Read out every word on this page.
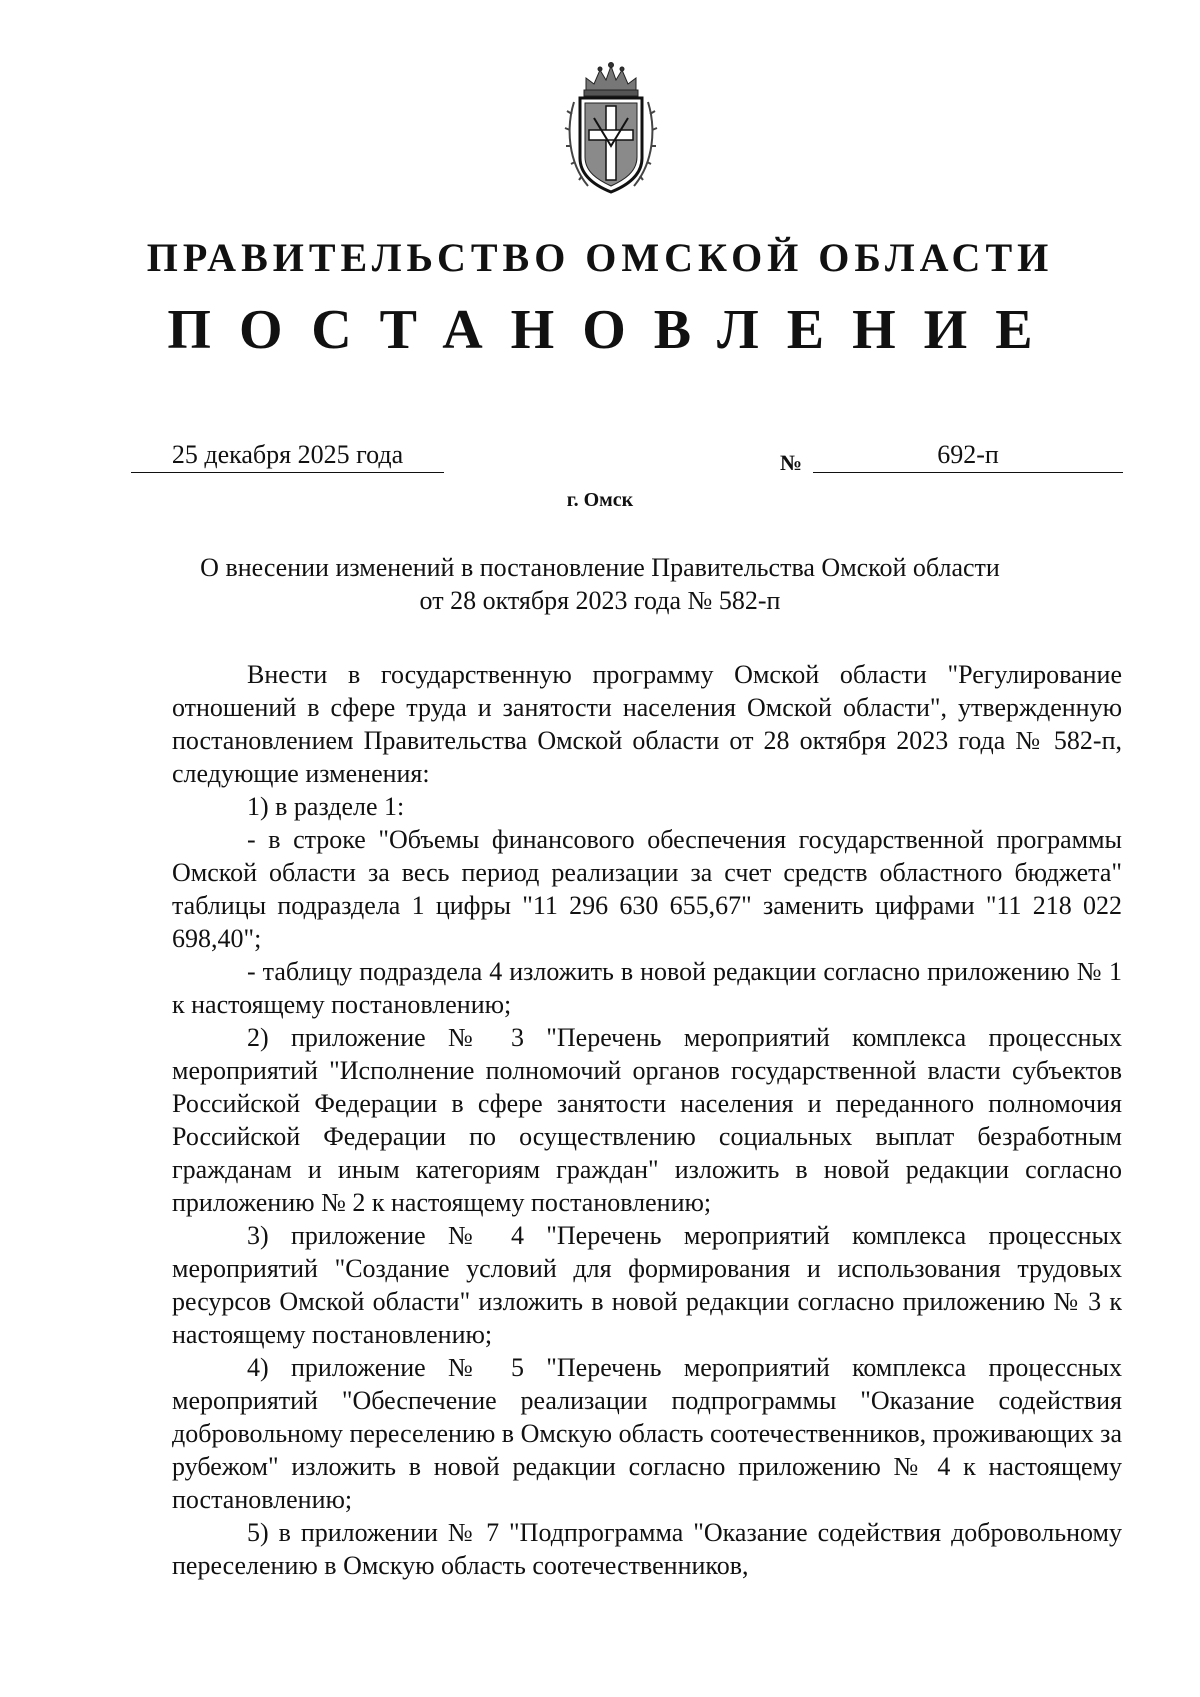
ПРАВИТЕЛЬСТВО ОМСКОЙ ОБЛАСТИ
ПОСТАНОВЛЕНИЕ
25 декабря 2025 года	№	692-п
г. Омск
О внесении изменений в постановление Правительства Омской области
от 28 октября 2023 года № 582-п

Внести в государственную программу Омской области "Регулирование отношений в сфере труда и занятости населения Омской области", утвержденную постановлением Правительства Омской области от 28 октября 2023 года № 582-п, следующие изменения:

1) в разделе 1:

- в строке "Объемы финансового обеспечения государственной программы Омской области за весь период реализации за счет средств областного бюджета" таблицы подраздела 1 цифры "11 296 630 655,67" заменить цифрами "11 218 022 698,40";

- таблицу подраздела 4 изложить в новой редакции согласно приложению № 1 к настоящему постановлению;

2) приложение № 3 "Перечень мероприятий комплекса процессных мероприятий "Исполнение полномочий органов государственной власти субъектов Российской Федерации в сфере занятости населения и переданного полномочия Российской Федерации по осуществлению социальных выплат безработным гражданам и иным категориям граждан" изложить в новой редакции согласно приложению № 2 к настоящему постановлению;

3) приложение № 4 "Перечень мероприятий комплекса процессных мероприятий "Создание условий для формирования и использования трудовых ресурсов Омской области" изложить в новой редакции согласно приложению № 3 к настоящему постановлению;

4) приложение № 5 "Перечень мероприятий комплекса процессных мероприятий "Обеспечение реализации подпрограммы "Оказание содействия добровольному переселению в Омскую область соотечественников, проживающих за рубежом" изложить в новой редакции согласно приложению № 4 к настоящему постановлению;

5) в приложении № 7 "Подпрограмма "Оказание содействия добровольному переселению в Омскую область соотечественников,
